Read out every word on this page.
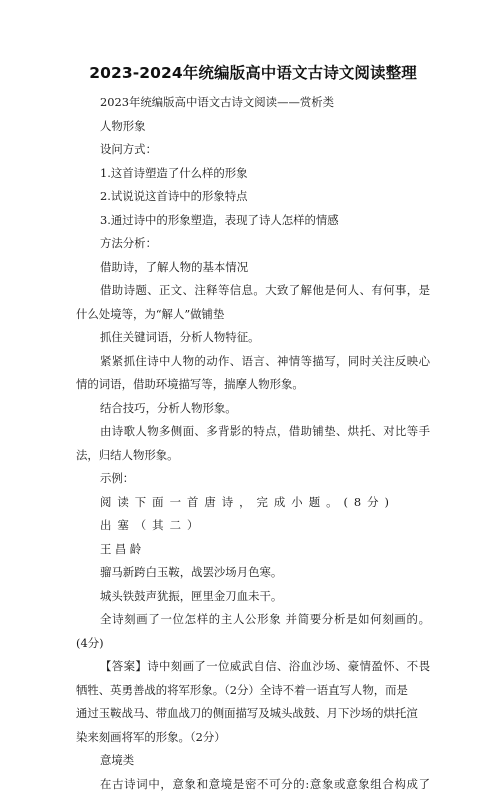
2023-2024年统编版高中语文古诗文阅读整理
2023年统编版高中语文古诗文阅读——赏析类
人物形象
设问方式：
1.这首诗塑造了什么样的形象
2.试说说这首诗中的形象特点
3.通过诗中的形象塑造，表现了诗人怎样的情感
方法分析：
借助诗，了解人物的基本情况
借助诗题、正文、注释等信息。大致了解他是何人、有何事，是
什么处境等，为“解人”做铺垫
抓住关键词语，分析人物特征。
紧紧抓住诗中人物的动作、语言、神情等描写，同时关注反映心
情的词语，借助环境描写等，揣摩人物形象。
结合技巧，分析人物形象。
由诗歌人物多侧面、多背影的特点，借助铺垫、烘托、对比等手
法，归结人物形象。
示例：
阅读下面一首唐诗，完成小题。(8分)
出塞（其二）
王昌龄
骝马新跨白玉鞍，战罢沙场月色寒。
城头铁鼓声犹振，匣里金刀血未干。
全诗刻画了一位怎样的主人公形象 并简要分析是如何刻画的。
(4分)
【答案】诗中刻画了一位威武自信、浴血沙场、豪情盈怀、不畏
牺牲、英勇善战的将军形象。（2分）全诗不着一语直写人物，而是
通过玉鞍战马、带血战刀的侧面描写及城头战鼓、月下沙场的烘托渲
染来刻画将军的形象。（2分）
意境类
在古诗词中，意象和意境是密不可分的:意象或意象组合构成了
